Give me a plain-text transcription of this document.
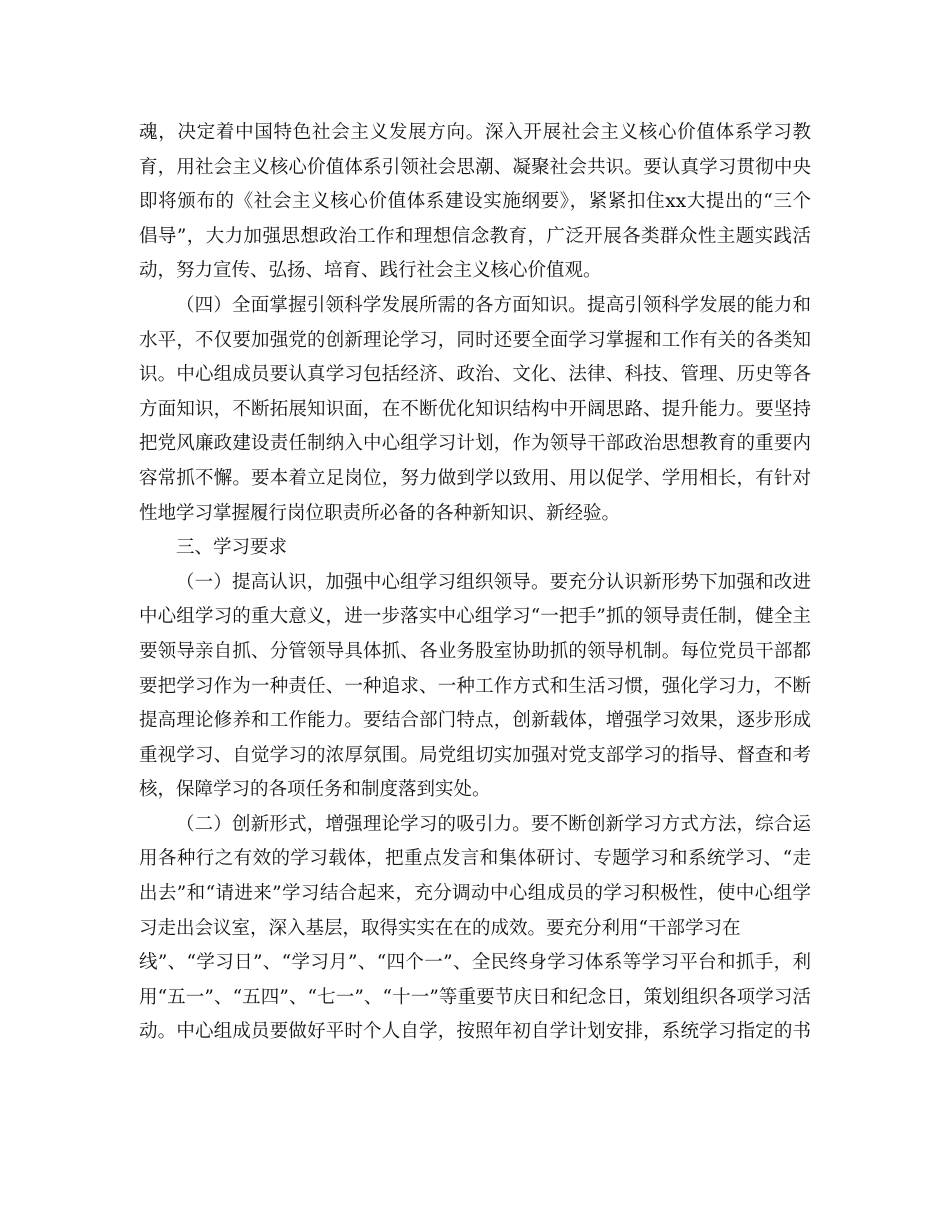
魂，决定着中国特色社会主义发展方向。深入开展社会主义核心价值体系学习教
育，用社会主义核心价值体系引领社会思潮、凝聚社会共识。要认真学习贯彻中央
即将颁布的《社会主义核心价值体系建设实施纲要》，紧紧扣住xx大提出的“三个
倡导”，大力加强思想政治工作和理想信念教育，广泛开展各类群众性主题实践活
动，努力宣传、弘扬、培育、践行社会主义核心价值观。
（四）全面掌握引领科学发展所需的各方面知识。提高引领科学发展的能力和
水平，不仅要加强党的创新理论学习，同时还要全面学习掌握和工作有关的各类知
识。中心组成员要认真学习包括经济、政治、文化、法律、科技、管理、历史等各
方面知识，不断拓展知识面，在不断优化知识结构中开阔思路、提升能力。要坚持
把党风廉政建设责任制纳入中心组学习计划，作为领导干部政治思想教育的重要内
容常抓不懈。要本着立足岗位，努力做到学以致用、用以促学、学用相长，有针对
性地学习掌握履行岗位职责所必备的各种新知识、新经验。
三、学习要求
（一）提高认识，加强中心组学习组织领导。要充分认识新形势下加强和改进
中心组学习的重大意义，进一步落实中心组学习“一把手”抓的领导责任制，健全主
要领导亲自抓、分管领导具体抓、各业务股室协助抓的领导机制。每位党员干部都
要把学习作为一种责任、一种追求、一种工作方式和生活习惯，强化学习力，不断
提高理论修养和工作能力。要结合部门特点，创新载体，增强学习效果，逐步形成
重视学习、自觉学习的浓厚氛围。局党组切实加强对党支部学习的指导、督查和考
核，保障学习的各项任务和制度落到实处。
（二）创新形式，增强理论学习的吸引力。要不断创新学习方式方法，综合运
用各种行之有效的学习载体，把重点发言和集体研讨、专题学习和系统学习、“走
出去”和“请进来”学习结合起来，充分调动中心组成员的学习积极性，使中心组学
习走出会议室，深入基层，取得实实在在的成效。要充分利用“干部学习在
线”、“学习日”、“学习月”、“四个一”、全民终身学习体系等学习平台和抓手，利
用“五一”、“五四”、“七一”、“十一”等重要节庆日和纪念日，策划组织各项学习活
动。中心组成员要做好平时个人自学，按照年初自学计划安排，系统学习指定的书
